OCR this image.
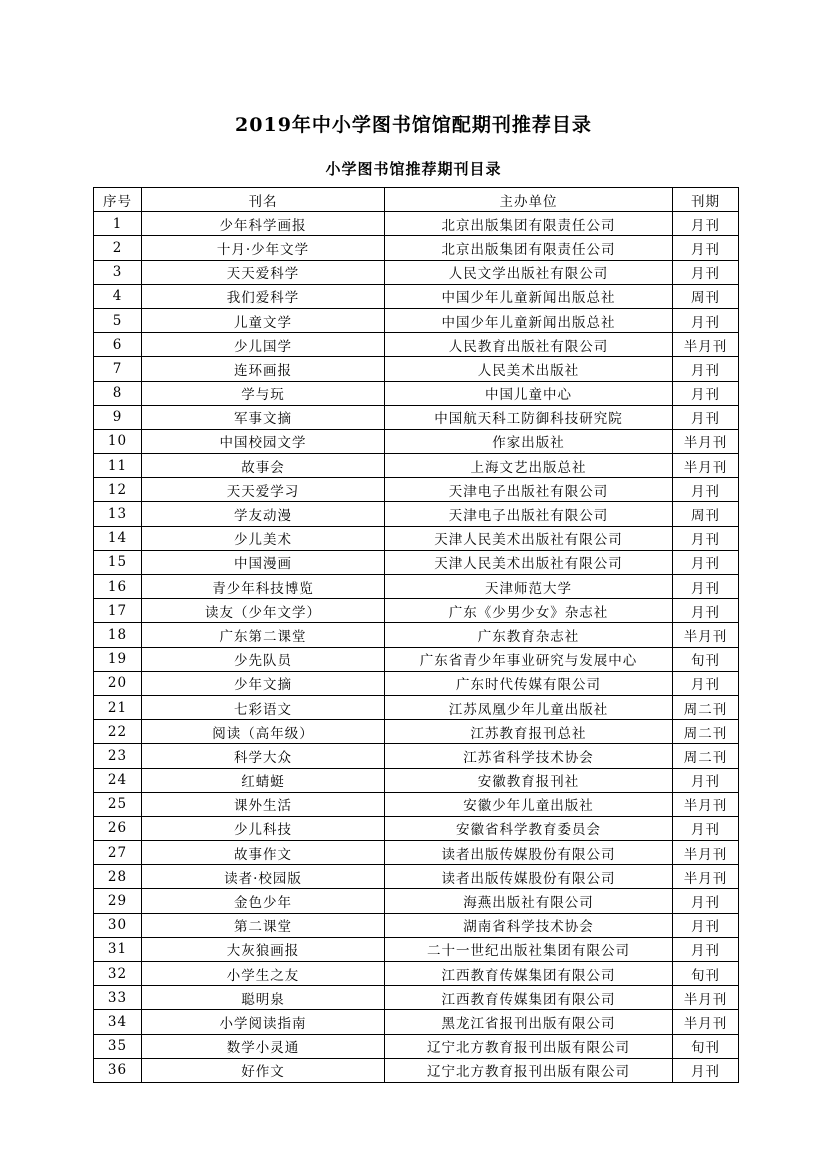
2019年中小学图书馆馆配期刊推荐目录
小学图书馆推荐期刊目录
序号	刊名	主办单位	刊期
1	少年科学画报	北京出版集团有限责任公司	月刊
2	十月·少年文学	北京出版集团有限责任公司	月刊
3	天天爱科学	人民文学出版社有限公司	月刊
4	我们爱科学	中国少年儿童新闻出版总社	周刊
5	儿童文学	中国少年儿童新闻出版总社	月刊
6	少儿国学	人民教育出版社有限公司	半月刊
7	连环画报	人民美术出版社	月刊
8	学与玩	中国儿童中心	月刊
9	军事文摘	中国航天科工防御科技研究院	月刊
10	中国校园文学	作家出版社	半月刊
11	故事会	上海文艺出版总社	半月刊
12	天天爱学习	天津电子出版社有限公司	月刊
13	学友动漫	天津电子出版社有限公司	周刊
14	少儿美术	天津人民美术出版社有限公司	月刊
15	中国漫画	天津人民美术出版社有限公司	月刊
16	青少年科技博览	天津师范大学	月刊
17	读友（少年文学）	广东《少男少女》杂志社	月刊
18	广东第二课堂	广东教育杂志社	半月刊
19	少先队员	广东省青少年事业研究与发展中心	旬刊
20	少年文摘	广东时代传媒有限公司	月刊
21	七彩语文	江苏凤凰少年儿童出版社	周二刊
22	阅读（高年级）	江苏教育报刊总社	周二刊
23	科学大众	江苏省科学技术协会	周二刊
24	红蜻蜓	安徽教育报刊社	月刊
25	课外生活	安徽少年儿童出版社	半月刊
26	少儿科技	安徽省科学教育委员会	月刊
27	故事作文	读者出版传媒股份有限公司	半月刊
28	读者·校园版	读者出版传媒股份有限公司	半月刊
29	金色少年	海燕出版社有限公司	月刊
30	第二课堂	湖南省科学技术协会	月刊
31	大灰狼画报	二十一世纪出版社集团有限公司	月刊
32	小学生之友	江西教育传媒集团有限公司	旬刊
33	聪明泉	江西教育传媒集团有限公司	半月刊
34	小学阅读指南	黑龙江省报刊出版有限公司	半月刊
35	数学小灵通	辽宁北方教育报刊出版有限公司	旬刊
36	好作文	辽宁北方教育报刊出版有限公司	月刊
